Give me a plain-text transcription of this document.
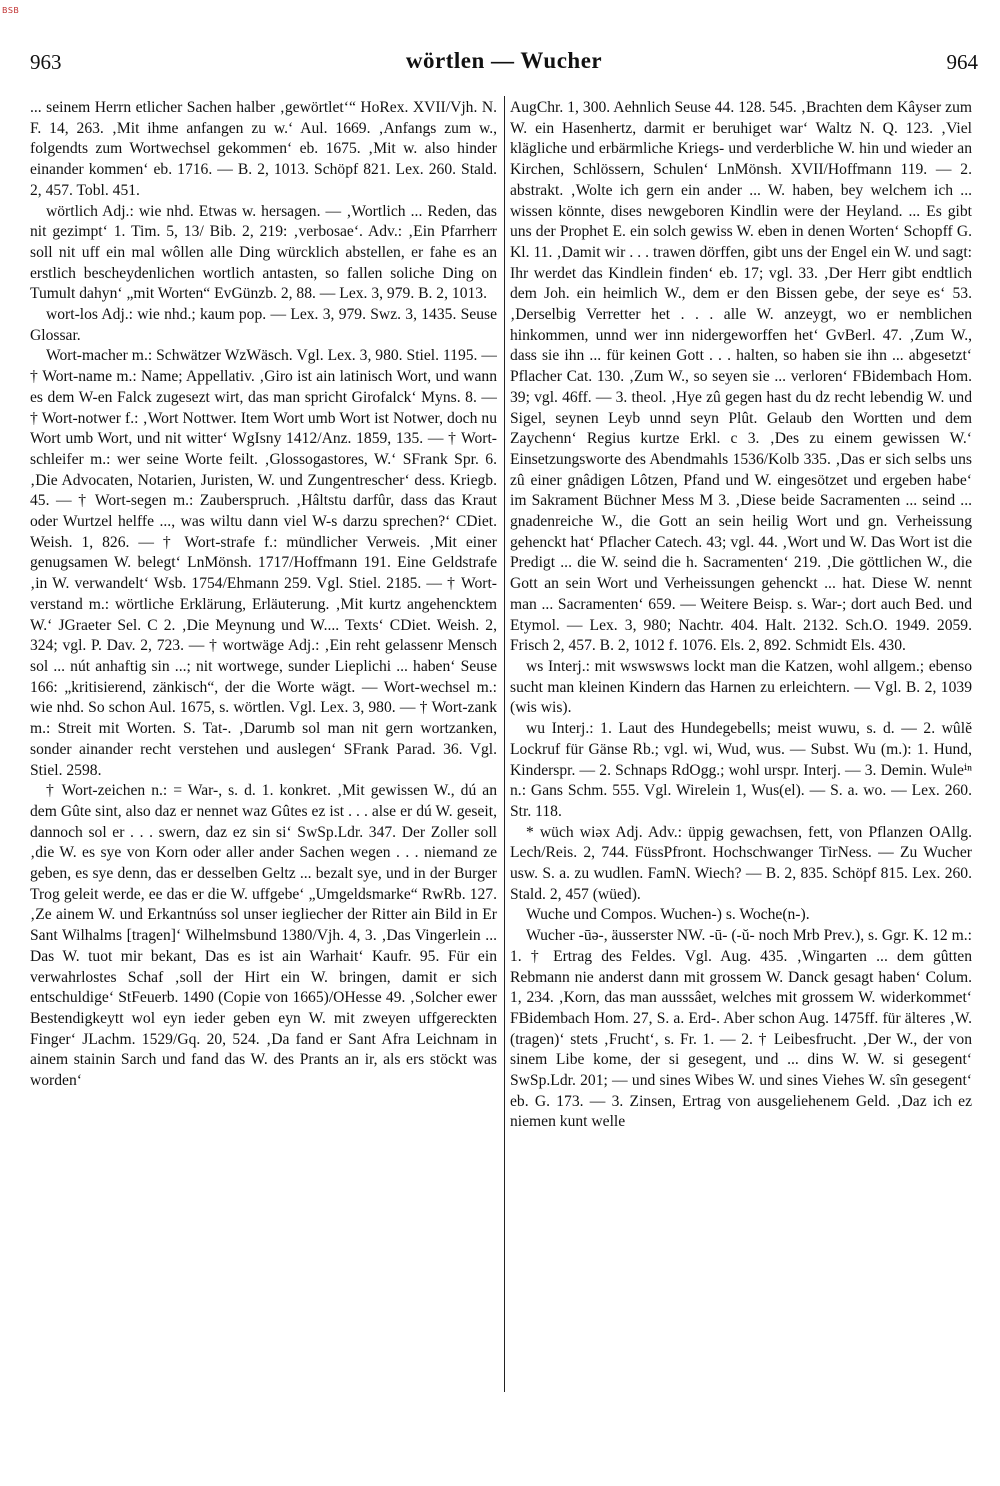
BSB
963	wörtlen — Wucher	964

... seinem Herrn etlicher Sachen halber ‚gewörtlet‘“ HoRex. XVII/Vjh. N. F. 14, 263. ‚Mit ihme anfangen zu w.‘ Aul. 1669. ‚Anfangs zum w., folgendts zum Wortwechsel gekommen‘ eb. 1675. ‚Mit w. also hinder einander kommen‘ eb. 1716. — B. 2, 1013. Schöpf 821. Lex. 260. Stald. 2, 457. Tobl. 451.

wörtlich Adj.: wie nhd. Etwas w. hersagen. — ‚Wortlich ... Reden, das nit gezimpt‘ 1. Tim. 5, 13/ Bib. 2, 219: ‚verbosae‘. Adv.: ‚Ein Pfarrherr soll nit uff ein mal wôllen alle Ding würcklich abstellen, er fahe es an erstlich bescheydenlichen wortlich antasten, so fallen soliche Ding on Tumult dahyn‘ „mit Worten“ EvGünzb. 2, 88. — Lex. 3, 979. B. 2, 1013.

wort-los Adj.: wie nhd.; kaum pop. — Lex. 3, 979. Swz. 3, 1435. Seuse Glossar.

Wort-macher m.: Schwätzer WzWäsch. Vgl. Lex. 3, 980. Stiel. 1195. — † Wort-name m.: Name; Appellativ. ‚Giro ist ain latinisch Wort, und wann es dem W-en Falck zugesezt wirt, das man spricht Girofalck‘ Myns. 8. — † Wort-notwer f.: ‚Wort Nottwer. Item Wort umb Wort ist Notwer, doch nu Wort umb Wort, und nit witter‘ WgIsny 1412/Anz. 1859, 135. — † Wort-schleifer m.: wer seine Worte feilt. ‚Glossogastores, W.‘ SFrank Spr. 6. ‚Die Advocaten, Notarien, Juristen, W. und Zungentrescher‘ dess. Kriegb. 45. — † Wort-segen m.: Zauberspruch. ‚Hâltstu darfûr, dass das Kraut oder Wurtzel helffe ..., was wiltu dann viel W-s darzu sprechen?‘ CDiet. Weish. 1, 826. — † Wort-strafe f.: mündlicher Verweis. ‚Mit einer genugsamen W. belegt‘ LnMönsh. 1717/Hoffmann 191. Eine Geldstrafe ‚in W. verwandelt‘ Wsb. 1754/Ehmann 259. Vgl. Stiel. 2185. — † Wort-verstand m.: wörtliche Erklärung, Erläuterung. ‚Mit kurtz angehencktem W.‘ JGraeter Sel. C 2. ‚Die Meynung und W.... Texts‘ CDiet. Weish. 2, 324; vgl. P. Dav. 2, 723. — † wortwäge Adj.: ‚Ein reht gelassenr Mensch sol ... nút anhaftig sin ...; nit wortwege, sunder Lieplichi ... haben‘ Seuse 166: „kritisierend, zänkisch“, der die Worte wägt. — Wort-wechsel m.: wie nhd. So schon Aul. 1675, s. wörtlen. Vgl. Lex. 3, 980. — † Wort-zank m.: Streit mit Worten. S. Tat-. ‚Darumb sol man nit gern wortzanken, sonder ainander recht verstehen und auslegen‘ SFrank Parad. 36. Vgl. Stiel. 2598.

† Wort-zeichen n.: = War-, s. d. 1. konkret. ‚Mit gewissen W., dú an dem Gûte sint, also daz er nennet waz Gûtes ez ist . . . alse er dú W. geseit, dannoch sol er . . . swern, daz ez sin si‘ SwSp.Ldr. 347. Der Zoller soll ‚die W. es sye von Korn oder aller ander Sachen wegen . . . niemand ze geben, es sye denn, das er desselben Geltz ... bezalt sye, und in der Burger Trog geleit werde, ee das er die W. uffgebe‘ „Umgeldsmarke“ RwRb. 127. ‚Ze ainem W. und Erkantnúss sol unser iegliecher der Ritter ain Bild in Er Sant Wilhalms [tragen]‘ Wilhelmsbund 1380/Vjh. 4, 3. ‚Das Vingerlein ... Das W. tuot mir bekant, Das es ist ain Warhait‘ Kaufr. 95. Für ein verwahrlostes Schaf ‚soll der Hirt ein W. bringen, damit er sich entschuldige‘ StFeuerb. 1490 (Copie von 1665)/OHesse 49. ‚Solcher ewer Bestendigkeytt wol eyn ieder geben eyn W. mit zweyen uffgereckten Finger‘ JLachm. 1529/Gq. 20, 524. ‚Da fand er Sant Afra Leichnam in ainem stainin Sarch und fand das W. des Prants an ir, als ers stöckt was worden‘

AugChr. 1, 300. Aehnlich Seuse 44. 128. 545. ‚Brachten dem Kâyser zum W. ein Hasenhertz, darmit er beruhiget war‘ Waltz N. Q. 123. ‚Viel klägliche und erbärmliche Kriegs- und verderbliche W. hin und wieder an Kirchen, Schlössern, Schulen‘ LnMönsh. XVII/Hoffmann 119. — 2. abstrakt. ‚Wolte ich gern ein ander ... W. haben, bey welchem ich ... wissen könnte, dises newgeboren Kindlin were der Heyland. ... Es gibt uns der Prophet E. ein solch gewiss W. eben in denen Worten‘ Schopff G. Kl. 11. ‚Damit wir . . . trawen dörffen, gibt uns der Engel ein W. und sagt: Ihr werdet das Kindlein finden‘ eb. 17; vgl. 33. ‚Der Herr gibt endtlich dem Joh. ein heimlich W., dem er den Bissen gebe, der seye es‘ 53. ‚Derselbig Verretter het . . . alle W. anzeygt, wo er nemblichen hinkommen, unnd wer inn nidergeworffen het‘ GvBerl. 47. ‚Zum W., dass sie ihn ... für keinen Gott . . . halten, so haben sie ihn ... abgesetzt‘ Pflacher Cat. 130. ‚Zum W., so seyen sie ... verloren‘ FBidembach Hom. 39; vgl. 46ff. — 3. theol. ‚Hye zû gegen hast du dz recht lebendig W. und Sigel, seynen Leyb unnd seyn Plût. Gelaub den Wortten und dem Zaychenn‘ Regius kurtze Erkl. c 3. ‚Des zu einem gewissen W.‘ Einsetzungsworte des Abendmahls 1536/Kolb 335. ‚Das er sich selbs uns zû einer gnâdigen Lôtzen, Pfand und W. eingesötzet und ergeben habe‘ im Sakrament Büchner Mess M 3. ‚Diese beide Sacramenten ... seind ... gnadenreiche W., die Gott an sein heilig Wort und gn. Verheissung gehenckt hat‘ Pflacher Catech. 43; vgl. 44. ‚Wort und W. Das Wort ist die Predigt ... die W. seind die h. Sacramenten‘ 219. ‚Die göttlichen W., die Gott an sein Wort und Verheissungen gehenckt ... hat. Diese W. nennt man ... Sacramenten‘ 659. — Weitere Beisp. s. War-; dort auch Bed. und Etymol. — Lex. 3, 980; Nachtr. 404. Halt. 2132. Sch.O. 1949. 2059. Frisch 2, 457. B. 2, 1012 f. 1076. Els. 2, 892. Schmidt Els. 430.

ws Interj.: mit wswswsws lockt man die Katzen, wohl allgem.; ebenso sucht man kleinen Kindern das Harnen zu erleichtern. — Vgl. B. 2, 1039 (wis wis).

wu Interj.: 1. Laut des Hundegebells; meist wuwu, s. d. — 2. wûlĕ Lockruf für Gänse Rb.; vgl. wi, Wud, wus. — Subst. Wu (m.): 1. Hund, Kinderspr. — 2. Schnaps RdOgg.; wohl urspr. Interj. — 3. Demin. Wuleⁱⁿ n.: Gans Schm. 555. Vgl. Wirelein 1, Wus(el). — S. a. wo. — Lex. 260. Str. 118.

* wüch wiəx Adj. Adv.: üppig gewachsen, fett, von Pflanzen OAllg. Lech/Reis. 2, 744. FüssPfront. Hochschwanger TirNess. — Zu Wucher usw. S. a. zu wudlen. FamN. Wiech? — B. 2, 835. Schöpf 815. Lex. 260. Stald. 2, 457 (wüed).

Wuche und Compos. Wuchen-) s. Woche(n-).

Wucher -ūə-, äusserster NW. -ū- (-ŭ- noch Mrb Prev.), s. Ggr. K. 12 m.: 1. † Ertrag des Feldes. Vgl. Aug. 435. ‚Wingarten ... dem gûtten Rebmann nie anderst dann mit grossem W. Danck gesagt haben‘ Colum. 1, 234. ‚Korn, das man ausssâet, welches mit grossem W. widerkommet‘ FBidembach Hom. 27, S. a. Erd-. Aber schon Aug. 1475ff. für älteres ‚W. (tragen)‘ stets ‚Frucht‘, s. Fr. 1. — 2. † Leibesfrucht. ‚Der W., der von sinem Libe kome, der si gesegent, und ... dins W. W. si gesegent‘ SwSp.Ldr. 201; — und sines Wibes W. und sines Viehes W. sîn gesegent‘ eb. G. 173. — 3. Zinsen, Ertrag von ausgeliehenem Geld. ‚Daz ich ez niemen kunt welle
